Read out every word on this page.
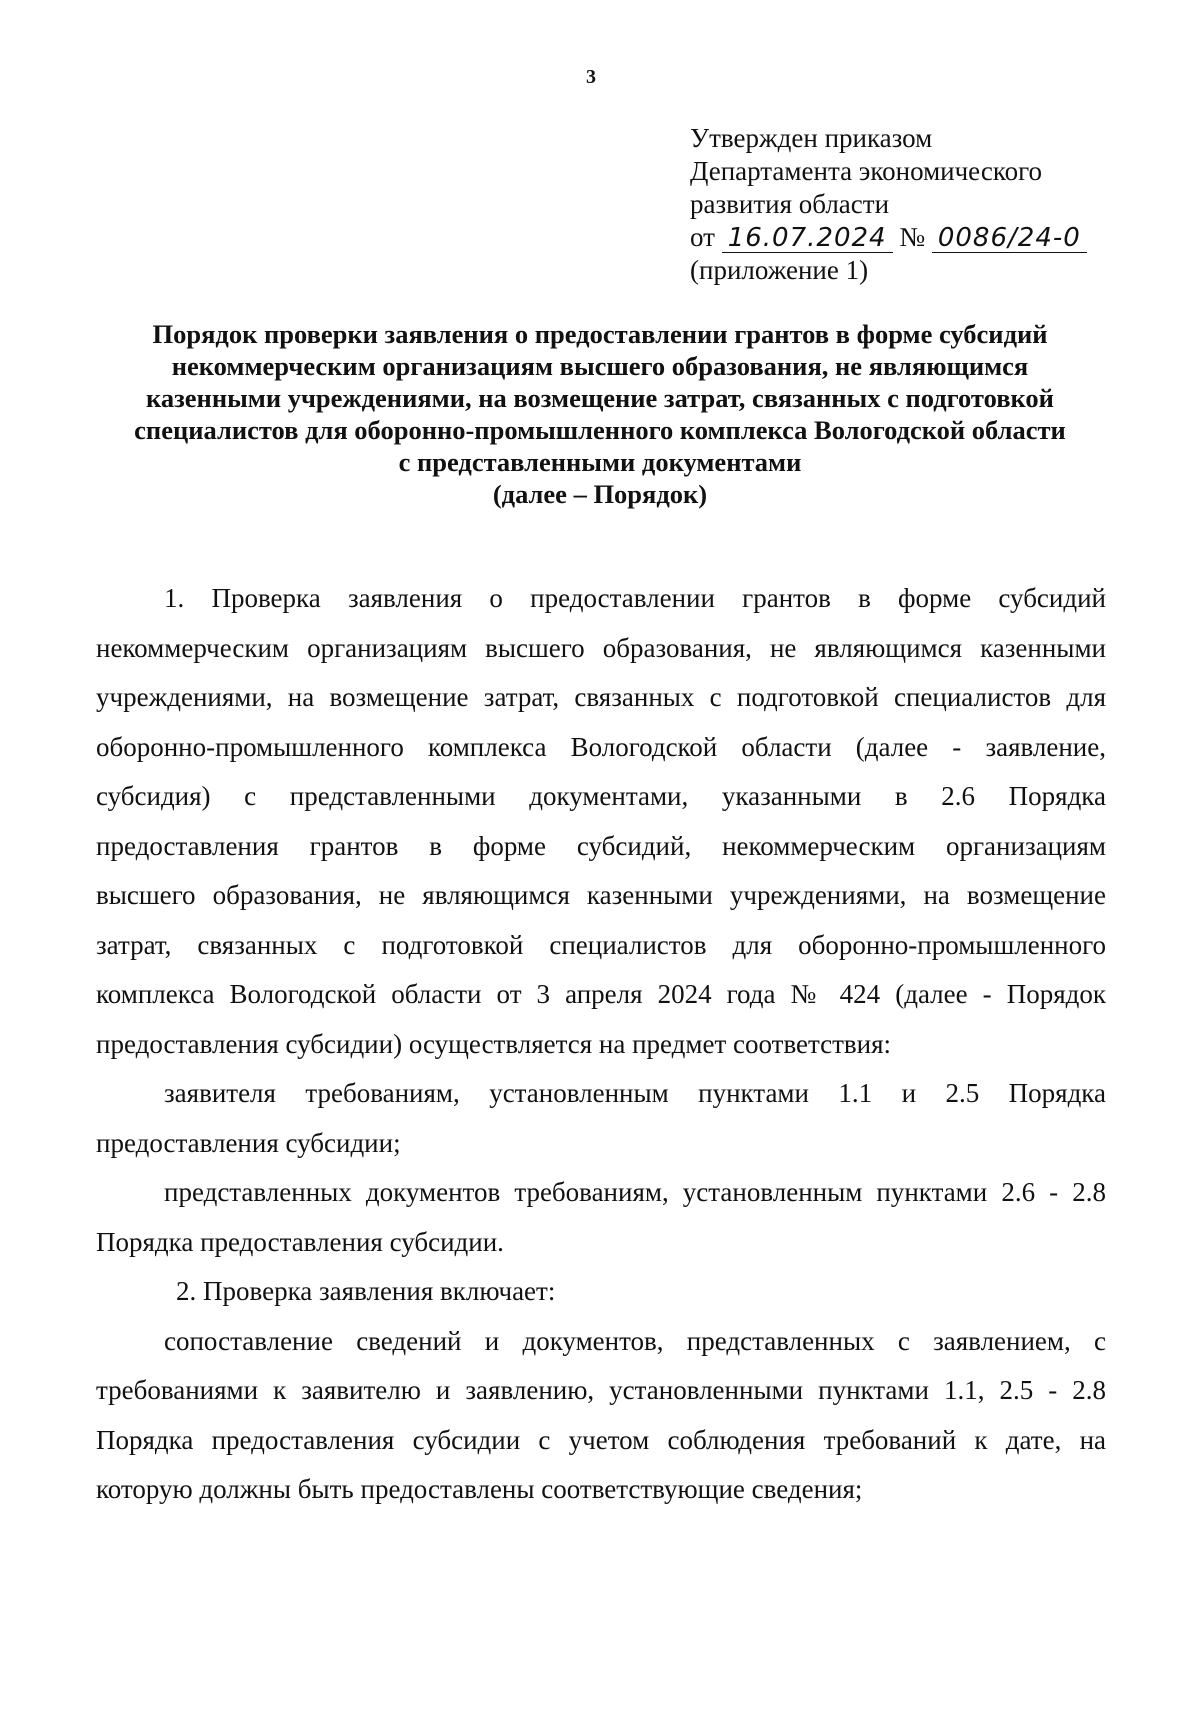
3
Утвержден приказом
Департамента экономического
развития области
от 16.07.2024 № 0086/24-0
(приложение 1)
Порядок проверки заявления о предоставлении грантов в форме субсидий
некоммерческим организациям высшего образования, не являющимся
казенными учреждениями, на возмещение затрат, связанных с подготовкой
специалистов для оборонно-промышленного комплекса Вологодской области
с представленными документами
(далее – Порядок)
1. Проверка заявления о предоставлении грантов в форме субсидий
некоммерческим организациям высшего образования, не являющимся казенными
учреждениями, на возмещение затрат, связанных с подготовкой специалистов для
оборонно-промышленного комплекса Вологодской области (далее - заявление,
субсидия) с представленными документами, указанными в 2.6 Порядка
предоставления грантов в форме субсидий, некоммерческим организациям
высшего образования, не являющимся казенными учреждениями, на возмещение
затрат, связанных с подготовкой специалистов для оборонно-промышленного
комплекса Вологодской области от 3 апреля 2024 года № 424 (далее - Порядок
предоставления субсидии) осуществляется на предмет соответствия:
заявителя требованиям, установленным пунктами 1.1 и 2.5 Порядка
предоставления субсидии;
представленных документов требованиям, установленным пунктами 2.6 - 2.8
Порядка предоставления субсидии.
2. Проверка заявления включает:
сопоставление сведений и документов, представленных с заявлением, с
требованиями к заявителю и заявлению, установленными пунктами 1.1, 2.5 - 2.8
Порядка предоставления субсидии с учетом соблюдения требований к дате, на
которую должны быть предоставлены соответствующие сведения;
